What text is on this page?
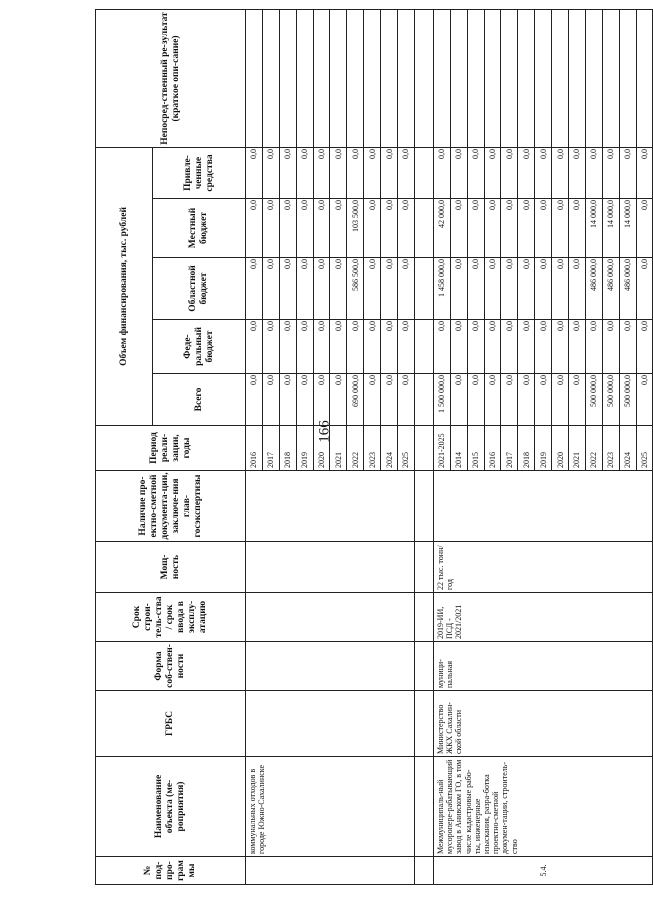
166
№ под-про-грам мы	Наименование объекта (ме-роприятия)	ГРБС	Форма соб-ствен-ности	Срок строи-тель-ства / срок ввода в эксплу-атацию	Мощ-ность	Наличие про-ектно-сметной документа-ции, заключе-ния глав-госэкспертизы	Период реали-зации, годы	Объем финансирования, тыс. рублей					Непосред-ственный ре-зультат (краткое опи-сание)
								Всего	Феде-ральный бюджет	Областной бюджет	Местный бюджет	Привле-ченные средства	
	коммунальных отходов в городе Южно-Сахалинске						2016	0,0	0,0	0,0	0,0	0,0	
							2017	0,0	0,0	0,0	0,0	0,0	
							2018	0,0	0,0	0,0	0,0	0,0	
							2019	0,0	0,0	0,0	0,0	0,0	
							2020	0,0	0,0	0,0	0,0	0,0	
							2021	0,0	0,0	0,0	0,0	0,0	
							2022	690 000,0	0,0	586 500,0	103 500,0	0,0	
							2023	0,0	0,0	0,0	0,0	0,0	
							2024	0,0	0,0	0,0	0,0	0,0	
							2025	0,0	0,0	0,0	0,0	0,0	

5.4.	Межмуниципаль-ный мусоропере-рабатывающий завод в Анивском ГО, в том числе кадастровые рабо-ты, инженерные изыскания, разра-ботка проектно-сметной докумен-тации, строитель-ство	Министерство ЖКХ Сахалин-ской области	муници-пальная	2019-ИИ, ПСД - 2021/2021	22 тыс. тонн/год		2021-2025	1 500 000,0	0,0	1 458 000,0	42 000,0	0,0	
							2014	0,0	0,0	0,0	0,0	0,0	
							2015	0,0	0,0	0,0	0,0	0,0	
							2016	0,0	0,0	0,0	0,0	0,0	
							2017	0,0	0,0	0,0	0,0	0,0	
							2018	0,0	0,0	0,0	0,0	0,0	
							2019	0,0	0,0	0,0	0,0	0,0	
							2020	0,0	0,0	0,0	0,0	0,0	
							2021	0,0	0,0	0,0	0,0	0,0	
							2022	500 000,0	0,0	486 000,0	14 000,0	0,0	
							2023	500 000,0	0,0	486 000,0	14 000,0	0,0	
							2024	500 000,0	0,0	486 000,0	14 000,0	0,0	
							2025	0,0	0,0	0,0	0,0	0,0	
